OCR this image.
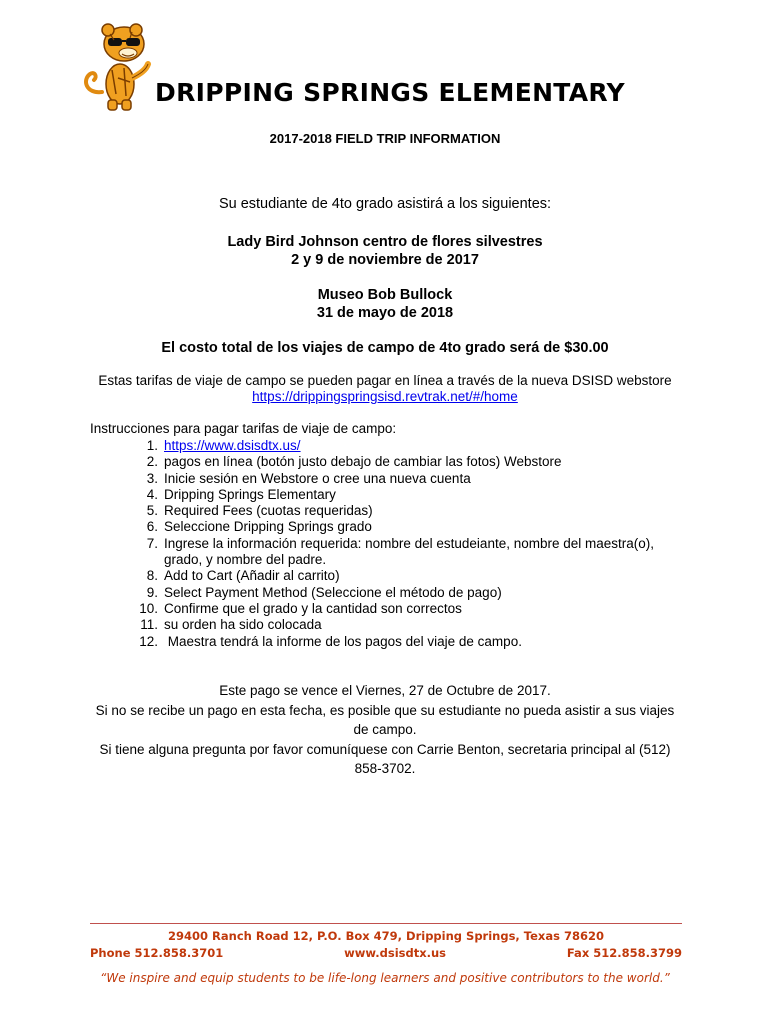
DRIPPING SPRINGS ELEMENTARY
2017-2018 FIELD TRIP INFORMATION
Su estudiante de 4to grado asistirá a los siguientes:
Lady Bird Johnson centro de flores silvestres
2 y 9 de noviembre de 2017
Museo Bob Bullock
31 de mayo de 2018
El costo total de los viajes de campo de 4to grado será de $30.00
Estas tarifas de viaje de campo se pueden pagar en línea a través de la nueva DSISD webstore
https://drippingspringsisd.revtrak.net/#/home
Instrucciones para pagar tarifas de viaje de campo:
1. https://www.dsisdtx.us/
2. pagos en línea (botón justo debajo de cambiar las fotos) Webstore
3. Inicie sesión en Webstore o cree una nueva cuenta
4. Dripping Springs Elementary
5. Required Fees (cuotas requeridas)
6. Seleccione Dripping Springs grado
7. Ingrese la información requerida: nombre del estudeiante, nombre del maestra(o), grado, y nombre del padre.
8. Add to Cart (Añadir al carrito)
9. Select Payment Method (Seleccione el método de pago)
10. Confirme que el grado y la cantidad son correctos
11. su orden ha sido colocada
12. Maestra tendrá la informe de los pagos del viaje de campo.
Este pago se vence el Viernes, 27 de Octubre de 2017.
Si no se recibe un pago en esta fecha, es posible que su estudiante no pueda asistir a sus viajes de campo.
Si tiene alguna pregunta por favor comuníquese con Carrie Benton, secretaria principal al (512) 858-3702.
29400 Ranch Road 12, P.O. Box 479, Dripping Springs, Texas 78620
Phone 512.858.3701	www.dsisdtx.us	Fax 512.858.3799
“We inspire and equip students to be life-long learners and positive contributors to the world.”
